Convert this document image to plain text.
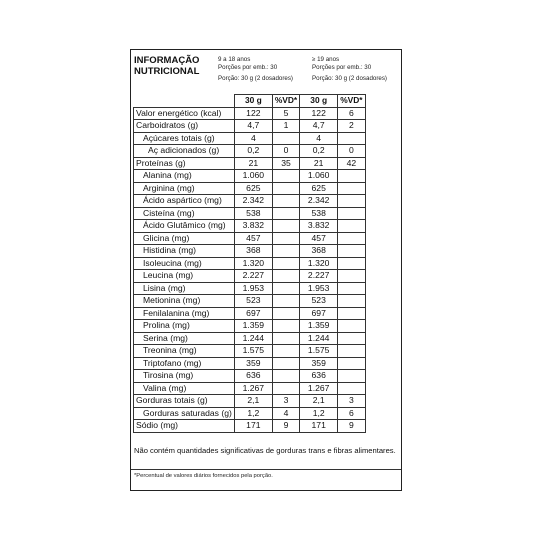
INFORMAÇÃO
NUTRICIONAL
9 a 18 anos
Porções por emb.: 30
Porção: 30 g (2 dosadores)
≥ 19 anos
Porções por emb.: 30
Porção: 30 g (2 dosadores)
	30 g	%VD*	30 g	%VD*
Valor energético (kcal)	122	5	122	6
Carboidratos (g)	4,7	1	4,7	2
Açúcares totais (g)	4		4	
Aç adicionados (g)	0,2	0	0,2	0
Proteínas (g)	21	35	21	42
Alanina (mg)	1.060		1.060	
Arginina (mg)	625		625	
Ácido aspártico (mg)	2.342		2.342	
Cisteína (mg)	538		538	
Ácido Glutâmico (mg)	3.832		3.832	
Glicina (mg)	457		457	
Histidina (mg)	368		368	
Isoleucina (mg)	1.320		1.320	
Leucina (mg)	2.227		2.227	
Lisina (mg)	1.953		1.953	
Metionina (mg)	523		523	
Fenilalanina (mg)	697		697	
Prolina (mg)	1.359		1.359	
Serina (mg)	1.244		1.244	
Treonina (mg)	1.575		1.575	
Triptofano (mg)	359		359	
Tirosina (mg)	636		636	
Valina (mg)	1.267		1.267	
Gorduras totais (g)	2,1	3	2,1	3
Gorduras saturadas (g)	1,2	4	1,2	6
Sódio (mg)	171	9	171	9
Não contém quantidades significativas de gorduras trans e fibras alimentares.
*Percentual de valores diários fornecidos pela porção.
